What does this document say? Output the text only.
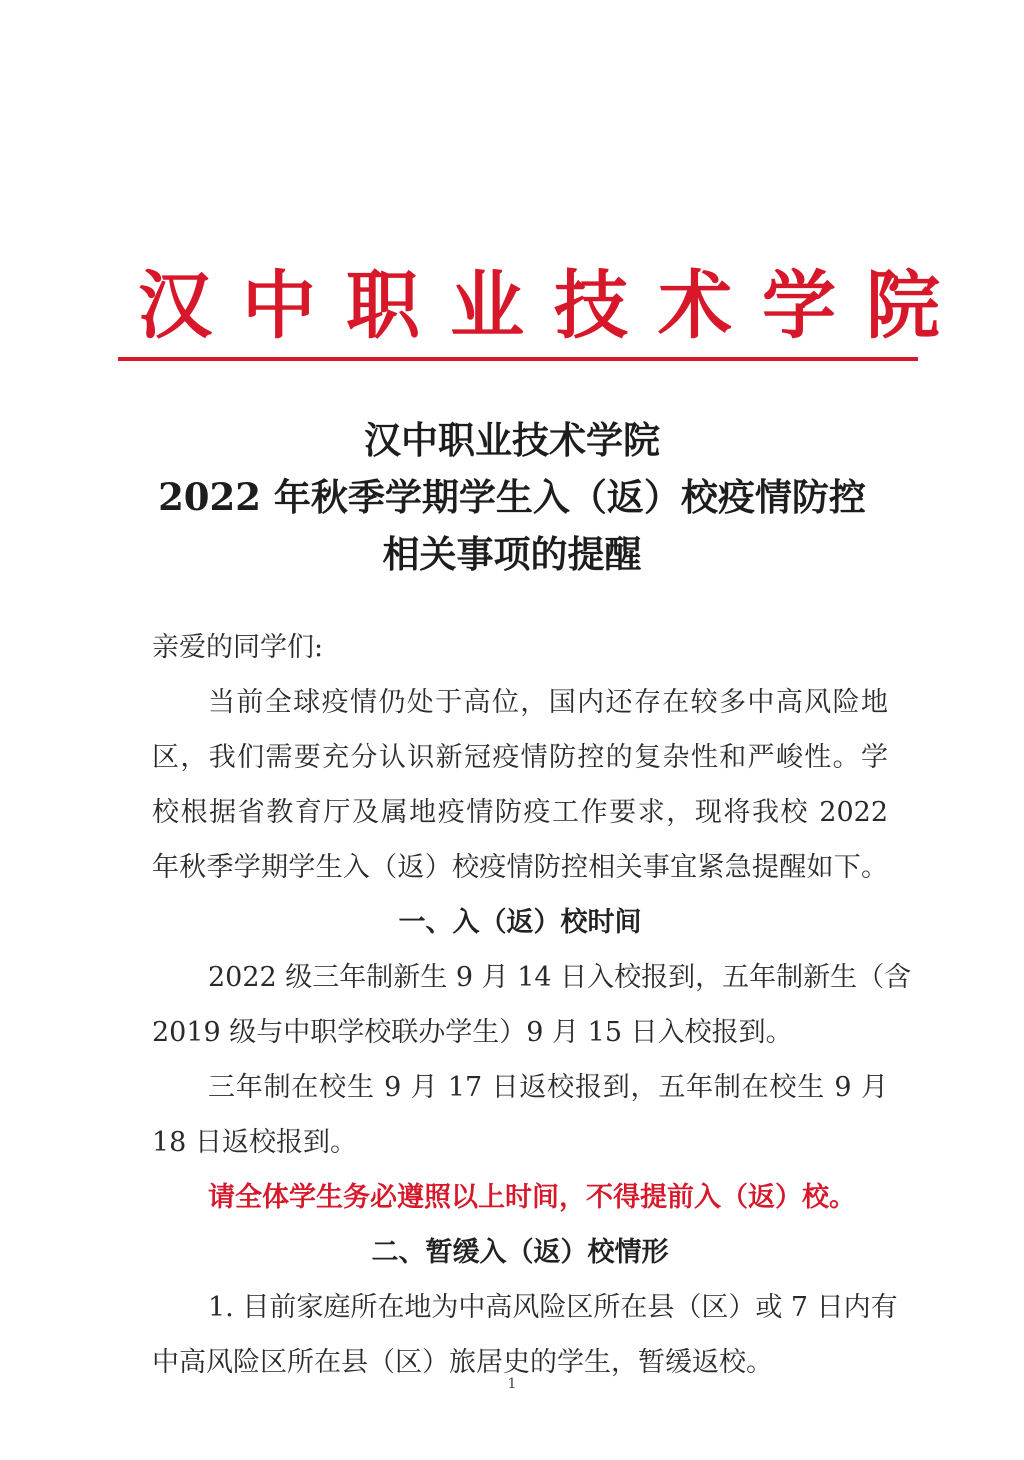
汉中职业技术学院
汉中职业技术学院
2022 年秋季学期学生入（返）校疫情防控
相关事项的提醒
亲爱的同学们:
当前全球疫情仍处于高位，国内还存在较多中高风险地
区，我们需要充分认识新冠疫情防控的复杂性和严峻性。学
校根据省教育厅及属地疫情防疫工作要求，现将我校 2022
年秋季学期学生入（返）校疫情防控相关事宜紧急提醒如下。
一、入（返）校时间
2022 级三年制新生 9 月 14 日入校报到，五年制新生（含
2019 级与中职学校联办学生）9 月 15 日入校报到。
三年制在校生 9 月 17 日返校报到，五年制在校生 9 月
18 日返校报到。
请全体学生务必遵照以上时间，不得提前入（返）校。
二、暂缓入（返）校情形
1. 目前家庭所在地为中高风险区所在县（区）或 7 日内有
中高风险区所在县（区）旅居史的学生，暂缓返校。
1
